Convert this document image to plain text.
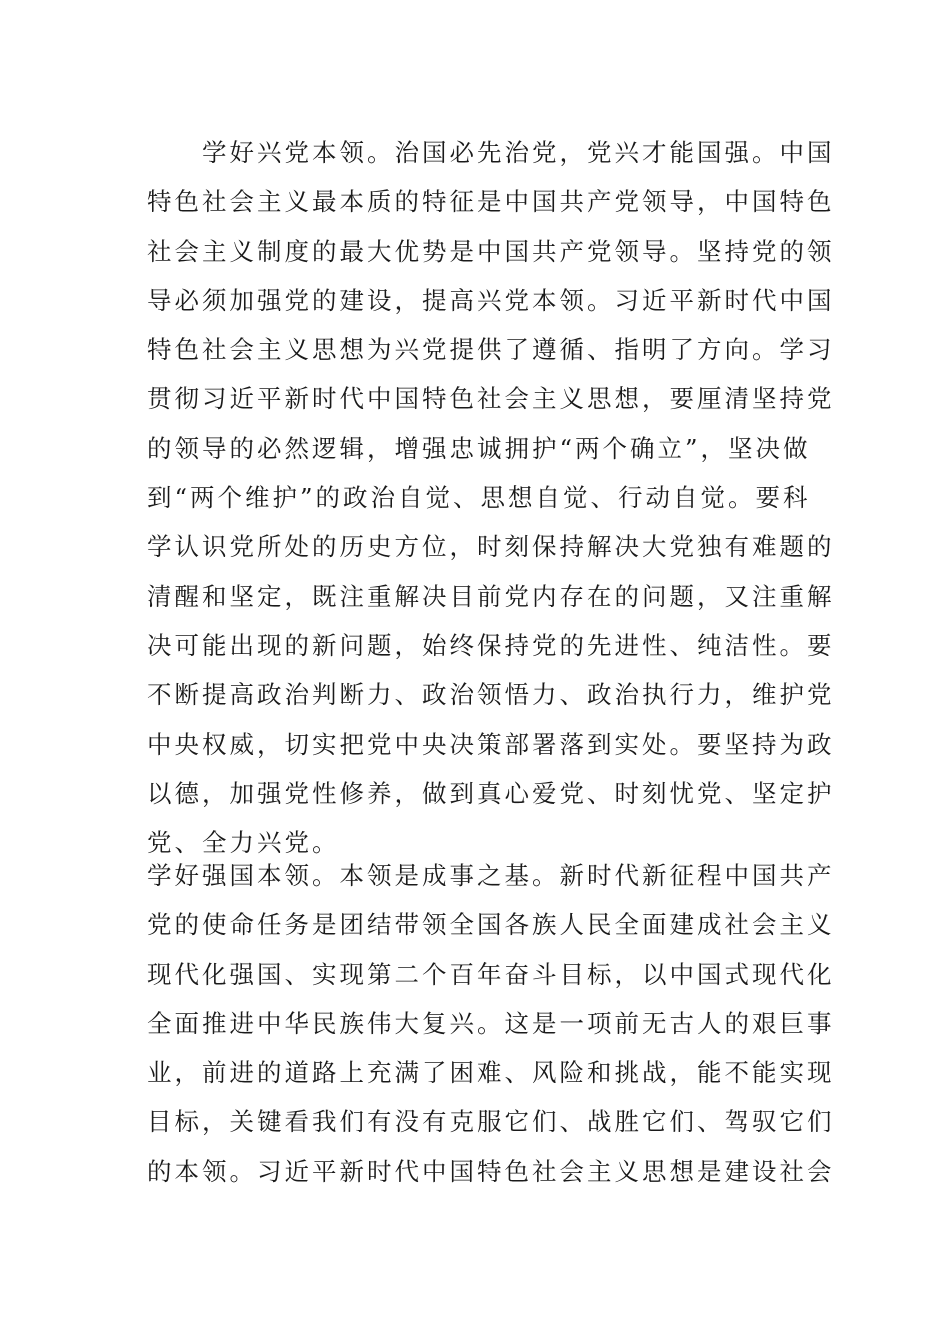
　　学好兴党本领。治国必先治党，党兴才能国强。中国
特色社会主义最本质的特征是中国共产党领导，中国特色
社会主义制度的最大优势是中国共产党领导。坚持党的领
导必须加强党的建设，提高兴党本领。习近平新时代中国
特色社会主义思想为兴党提供了遵循、指明了方向。学习
贯彻习近平新时代中国特色社会主义思想，要厘清坚持党
的领导的必然逻辑，增强忠诚拥护“两个确立”，坚决做
到“两个维护”的政治自觉、思想自觉、行动自觉。要科
学认识党所处的历史方位，时刻保持解决大党独有难题的
清醒和坚定，既注重解决目前党内存在的问题，又注重解
决可能出现的新问题，始终保持党的先进性、纯洁性。要
不断提高政治判断力、政治领悟力、政治执行力，维护党
中央权威，切实把党中央决策部署落到实处。要坚持为政
以德，加强党性修养，做到真心爱党、时刻忧党、坚定护
党、全力兴党。
学好强国本领。本领是成事之基。新时代新征程中国共产
党的使命任务是团结带领全国各族人民全面建成社会主义
现代化强国、实现第二个百年奋斗目标，以中国式现代化
全面推进中华民族伟大复兴。这是一项前无古人的艰巨事
业，前进的道路上充满了困难、风险和挑战，能不能实现
目标，关键看我们有没有克服它们、战胜它们、驾驭它们
的本领。习近平新时代中国特色社会主义思想是建设社会
